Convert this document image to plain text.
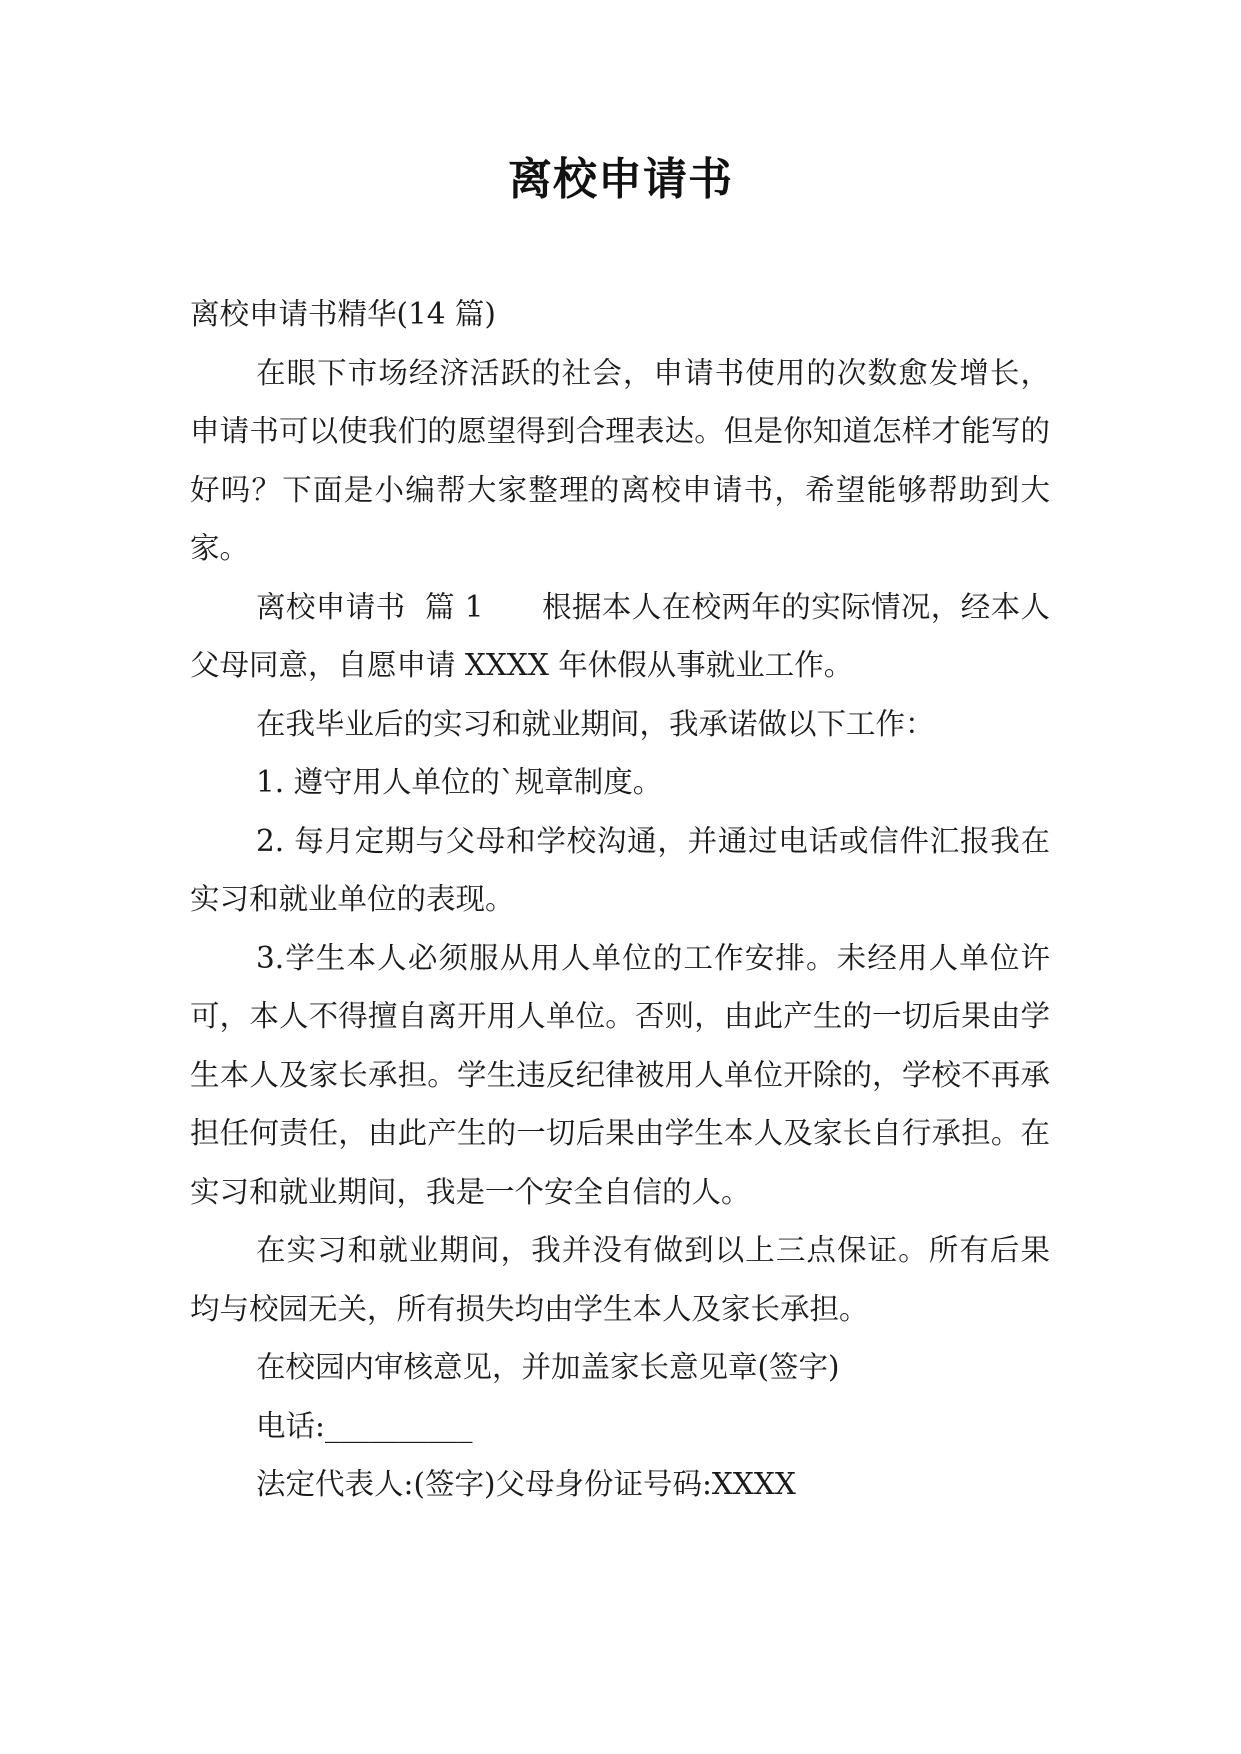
离校申请书

离校申请书精华(14 篇)

在眼下市场经济活跃的社会，申请书使用的次数愈发增长，申请书可以使我们的愿望得到合理表达。但是你知道怎样才能写的好吗？下面是小编帮大家整理的离校申请书，希望能够帮助到大家。

离校申请书  篇 1      根据本人在校两年的实际情况，经本人父母同意，自愿申请 XXXX 年休假从事就业工作。

在我毕业后的实习和就业期间，我承诺做以下工作：

1. 遵守用人单位的`规章制度。

2. 每月定期与父母和学校沟通，并通过电话或信件汇报我在实习和就业单位的表现。

3.学生本人必须服从用人单位的工作安排。未经用人单位许可，本人不得擅自离开用人单位。否则，由此产生的一切后果由学生本人及家长承担。学生违反纪律被用人单位开除的，学校不再承担任何责任，由此产生的一切后果由学生本人及家长自行承担。在实习和就业期间，我是一个安全自信的人。

在实习和就业期间，我并没有做到以上三点保证。所有后果均与校园无关，所有损失均由学生本人及家长承担。

在校园内审核意见，并加盖家长意见章(签字)

电话:__________

法定代表人:(签字)父母身份证号码:XXXX
